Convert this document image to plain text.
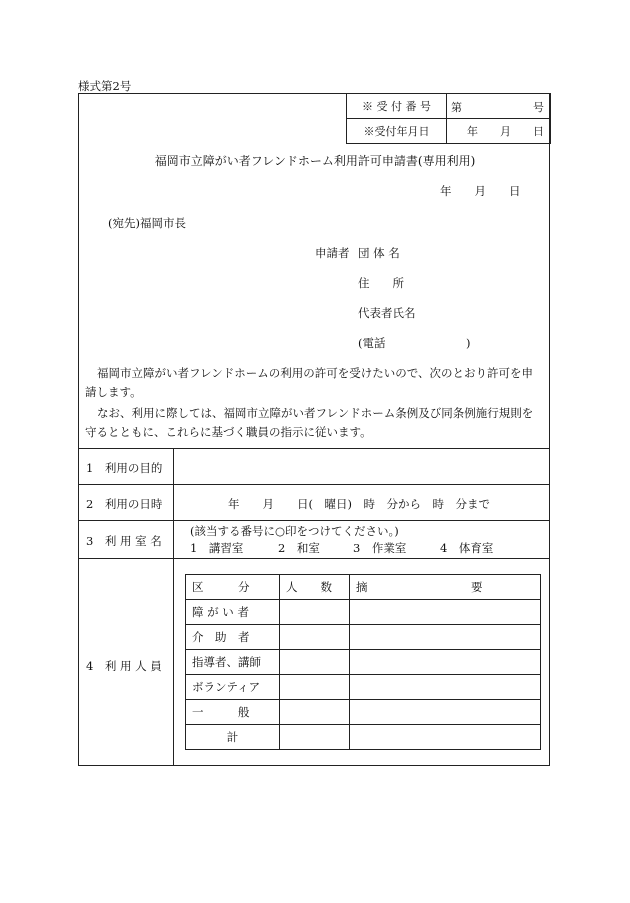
様式第2号
※ 受 付 番 号	第 号

※受付年月日	年　　月　　日
福岡市立障がい者フレンドホーム利用許可申請書(専用利用)
年　　月　　日
(宛先)福岡市長
申請者 団 体 名
住　　所
代表者氏名
(電話　　　　　　　)
福岡市立障がい者フレンドホームの利用の許可を受けたいので、次のとおり許可を申
請します。
なお、利用に際しては、福岡市立障がい者フレンドホーム条例及び同条例施行規則を
守るとともに、これらに基づく職員の指示に従います。
1　利用の目的
2　利用の日時	年　　月　　日(　曜日)　時　分から　時　分まで
3　利 用 室 名
(該当する番号に○印をつけてください。)
1　講習室	2　和室	3　作業室	4　体育室
4　利 用 人 員
区　　　分	人　　数	摘　　　　　　　　　要
障 が い 者		
介　助　者		
指導者、講師		
ボランティア		
一　　　般		
計		
